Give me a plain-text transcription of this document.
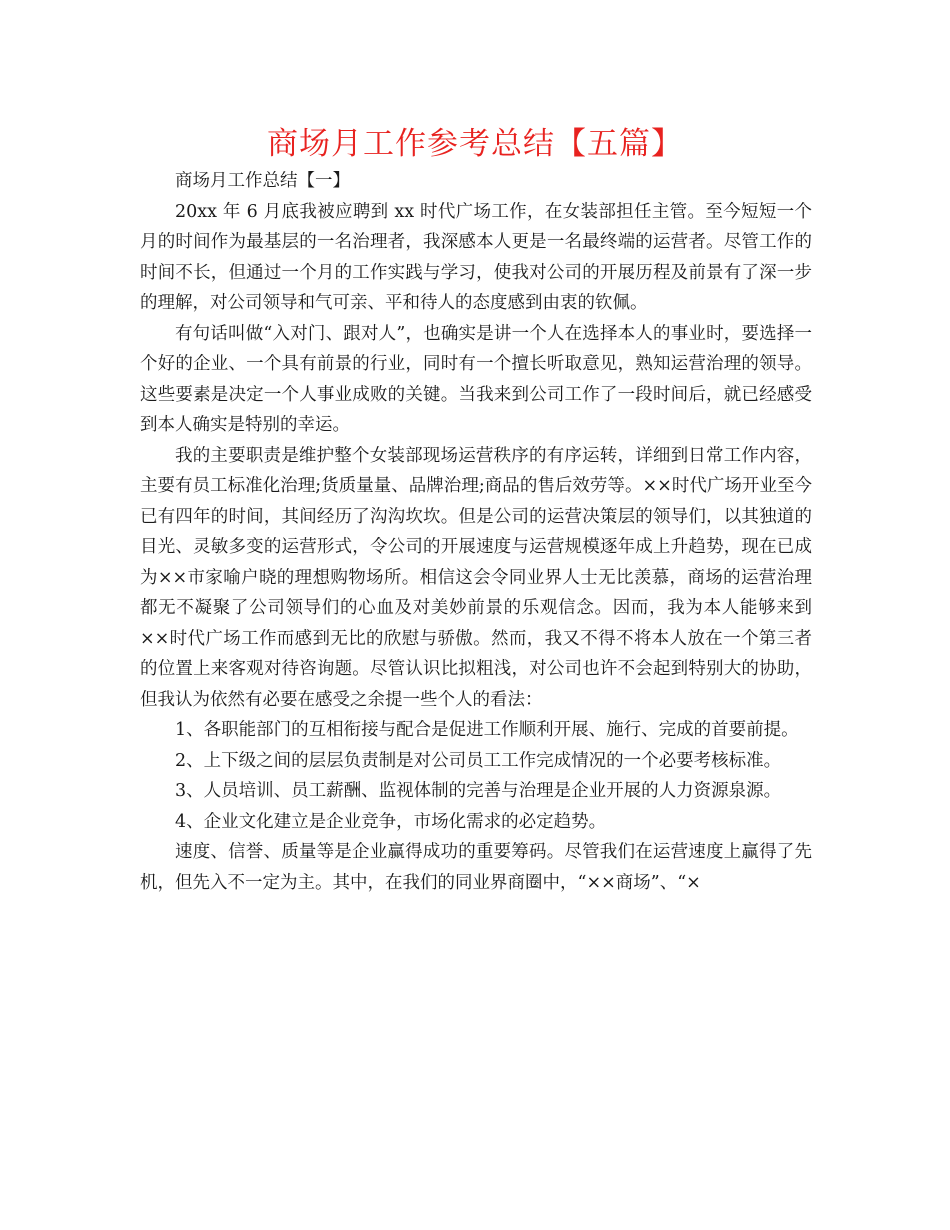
商场月工作参考总结【五篇】

商场月工作总结【一】

20xx 年 6 月底我被应聘到 xx 时代广场工作，在女装部担任主管。至今短短一个月的时间作为最基层的一名治理者，我深感本人更是一名最终端的运营者。尽管工作的时间不长，但通过一个月的工作实践与学习，使我对公司的开展历程及前景有了深一步的理解，对公司领导和气可亲、平和待人的态度感到由衷的钦佩。

有句话叫做“入对门、跟对人”，也确实是讲一个人在选择本人的事业时，要选择一个好的企业、一个具有前景的行业，同时有一个擅长听取意见，熟知运营治理的领导。这些要素是决定一个人事业成败的关键。当我来到公司工作了一段时间后，就已经感受到本人确实是特别的幸运。

我的主要职责是维护整个女装部现场运营秩序的有序运转，详细到日常工作内容，主要有员工标准化治理;货质量量、品牌治理;商品的售后效劳等。××时代广场开业至今已有四年的时间，其间经历了沟沟坎坎。但是公司的运营决策层的领导们，以其独道的目光、灵敏多变的运营形式，令公司的开展速度与运营规模逐年成上升趋势，现在已成为××市家喻户晓的理想购物场所。相信这会令同业界人士无比羡慕，商场的运营治理都无不凝聚了公司领导们的心血及对美妙前景的乐观信念。因而，我为本人能够来到××时代广场工作而感到无比的欣慰与骄傲。然而，我又不得不将本人放在一个第三者的位置上来客观对待咨询题。尽管认识比拟粗浅，对公司也许不会起到特别大的协助，但我认为依然有必要在感受之余提一些个人的看法：

1、各职能部门的互相衔接与配合是促进工作顺利开展、施行、完成的首要前提。

2、上下级之间的层层负责制是对公司员工工作完成情况的一个必要考核标准。

3、人员培训、员工薪酬、监视体制的完善与治理是企业开展的人力资源泉源。

4、企业文化建立是企业竞争，市场化需求的必定趋势。

速度、信誉、质量等是企业赢得成功的重要筹码。尽管我们在运营速度上赢得了先机，但先入不一定为主。其中，在我们的同业界商圈中，“××商场”、“×
